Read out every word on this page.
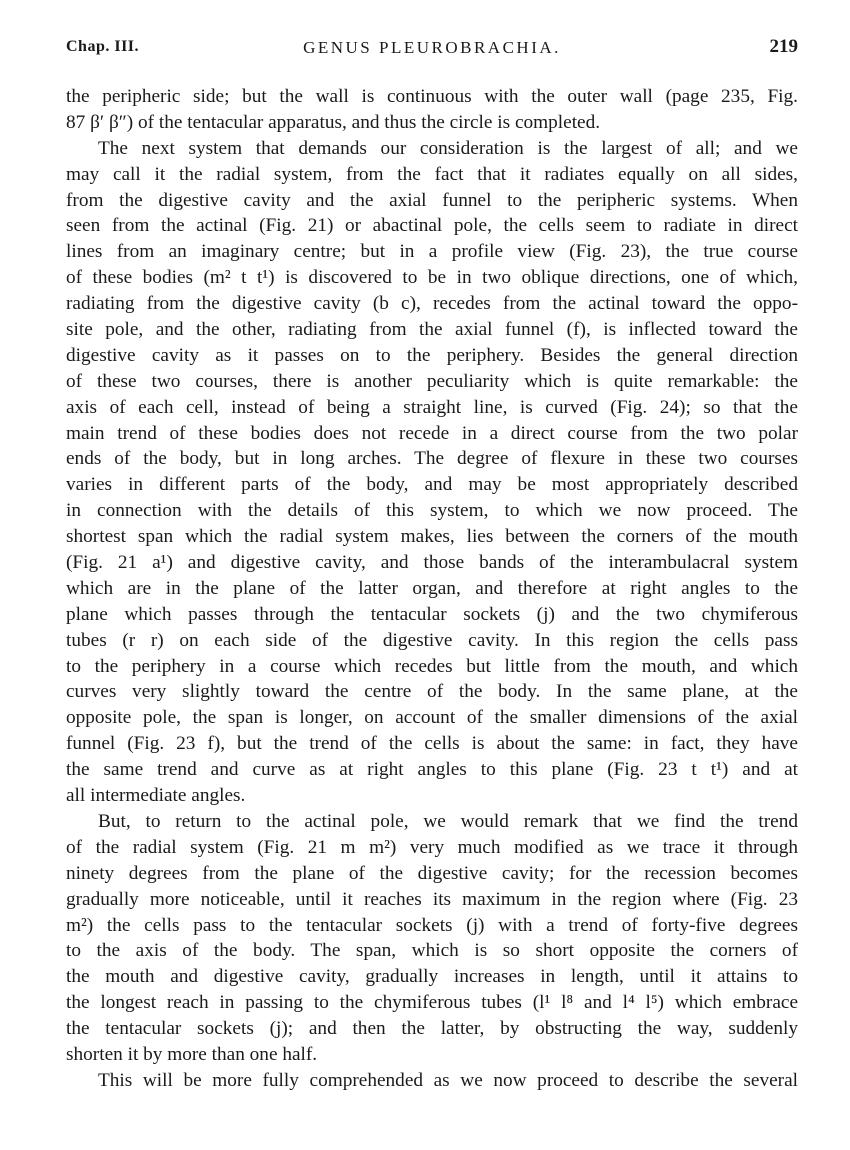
Chap. III.	GENUS PLEUROBRACHIA.	219
the peripheric side; but the wall is continuous with the outer wall (page 235, Fig.
87 β′ β″) of the tentacular apparatus, and thus the circle is completed.
The next system that demands our consideration is the largest of all; and we
may call it the radial system, from the fact that it radiates equally on all sides,
from the digestive cavity and the axial funnel to the peripheric systems. When
seen from the actinal (Fig. 21) or abactinal pole, the cells seem to radiate in direct
lines from an imaginary centre; but in a profile view (Fig. 23), the true course
of these bodies (m² t t¹) is discovered to be in two oblique directions, one of which,
radiating from the digestive cavity (b c), recedes from the actinal toward the oppo-
site pole, and the other, radiating from the axial funnel (f), is inflected toward the
digestive cavity as it passes on to the periphery. Besides the general direction
of these two courses, there is another peculiarity which is quite remarkable: the
axis of each cell, instead of being a straight line, is curved (Fig. 24); so that the
main trend of these bodies does not recede in a direct course from the two polar
ends of the body, but in long arches. The degree of flexure in these two courses
varies in different parts of the body, and may be most appropriately described
in connection with the details of this system, to which we now proceed. The
shortest span which the radial system makes, lies between the corners of the mouth
(Fig. 21 a¹) and digestive cavity, and those bands of the interambulacral system
which are in the plane of the latter organ, and therefore at right angles to the
plane which passes through the tentacular sockets (j) and the two chymiferous
tubes (r r) on each side of the digestive cavity. In this region the cells pass
to the periphery in a course which recedes but little from the mouth, and which
curves very slightly toward the centre of the body. In the same plane, at the
opposite pole, the span is longer, on account of the smaller dimensions of the axial
funnel (Fig. 23 f), but the trend of the cells is about the same: in fact, they have
the same trend and curve as at right angles to this plane (Fig. 23 t t¹) and at
all intermediate angles.
But, to return to the actinal pole, we would remark that we find the trend
of the radial system (Fig. 21 m m²) very much modified as we trace it through
ninety degrees from the plane of the digestive cavity; for the recession becomes
gradually more noticeable, until it reaches its maximum in the region where (Fig. 23
m²) the cells pass to the tentacular sockets (j) with a trend of forty-five degrees
to the axis of the body. The span, which is so short opposite the corners of
the mouth and digestive cavity, gradually increases in length, until it attains to
the longest reach in passing to the chymiferous tubes (l¹ l⁸ and l⁴ l⁵) which embrace
the tentacular sockets (j); and then the latter, by obstructing the way, suddenly
shorten it by more than one half.
This will be more fully comprehended as we now proceed to describe the several
